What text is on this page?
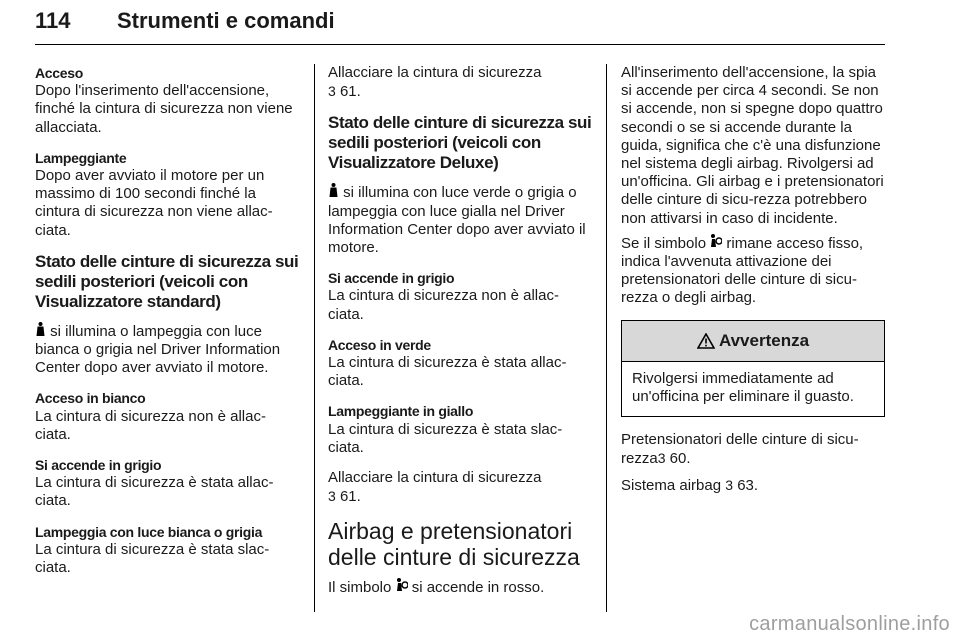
114 Strumenti e comandi

Acceso

Dopo l'inserimento dell'accensione, finché la cintura di sicurezza non viene allacciata.

Lampeggiante

Dopo aver avviato il motore per un massimo di 100 secondi finché la cintura di sicurezza non viene allac-ciata.

Stato delle cinture di sicurezza sui sedili posteriori (veicoli con Visualizzatore standard)

si illumina o lampeggia con luce bianca o grigia nel Driver Information Center dopo aver avviato il motore.

Acceso in bianco

La cintura di sicurezza non è allac-ciata.

Si accende in grigio

La cintura di sicurezza è stata allac-ciata.

Lampeggia con luce bianca o grigia

La cintura di sicurezza è stata slac-ciata.

Allacciare la cintura di sicurezza
3 61.

Stato delle cinture di sicurezza sui sedili posteriori (veicoli con Visualizzatore Deluxe)

si illumina con luce verde o grigia o lampeggia con luce gialla nel Driver Information Center dopo aver avviato il motore.

Si accende in grigio

La cintura di sicurezza non è allac-ciata.

Acceso in verde

La cintura di sicurezza è stata allac-ciata.

Lampeggiante in giallo

La cintura di sicurezza è stata slac-ciata.

Allacciare la cintura di sicurezza
3 61.

Airbag e pretensionatori delle cinture di sicurezza

Il simbolo  si accende in rosso.

All'inserimento dell'accensione, la spia si accende per circa 4 secondi. Se non si accende, non si spegne dopo quattro secondi o se si accende durante la guida, significa che c'è una disfunzione nel sistema degli airbag. Rivolgersi ad un'officina. Gli airbag e i pretensionatori delle cinture di sicu-rezza potrebbero non attivarsi in caso di incidente.

Se il simbolo  rimane acceso fisso, indica l'avvenuta attivazione dei pretensionatori delle cinture di sicu-rezza o degli airbag.

Avvertenza

Rivolgersi immediatamente ad un'officina per eliminare il guasto.

Pretensionatori delle cinture di sicu-rezza3 60.

Sistema airbag 3 63.

carmanualsonline.info
